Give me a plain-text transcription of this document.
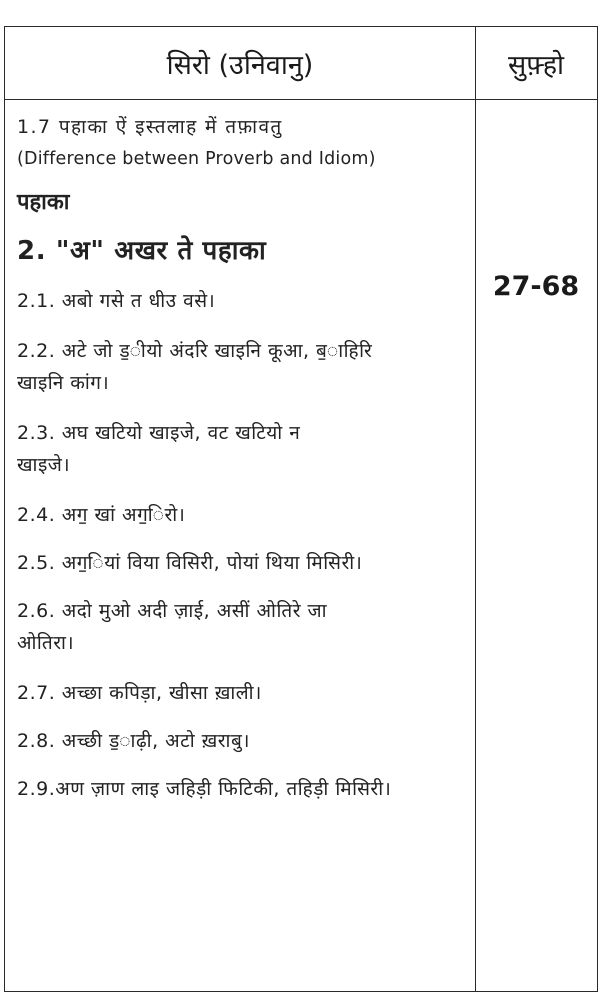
सिरो (उनिवानु)	सुफ़्हो
1.7 पहाका ऐं इस्तलाह में तफ़ावतु
(Difference between Proverb and Idiom)
पहाका
2. "अ" अखर ते पहाका
2.1. अबो गसे त धीउ वसे।
2.2. अटे जो ड॒ीयो अंदरि खाइनि कूआ, ब॒ाहिरि
खाइनि कांग।
2.3. अघ खटियो खाइजे, वट खटियो न
खाइजे।
2.4. अग॒ खां अग॒िरो।
2.5. अग॒ियां विया विसिरी, पोयां थिया मिसिरी।
2.6. अदो मुओ अदी ज़ाई, असीं ओतिरे जा
ओतिरा।
2.7. अच्छा कपिड़ा, खीसा ख़ाली।
2.8. अच्छी ड॒ाढ़ी, अटो ख़राबु।
2.9.अण ज़ाण लाइ जहिड़ी फिटिकी, तहिड़ी मिसिरी।
27-68
